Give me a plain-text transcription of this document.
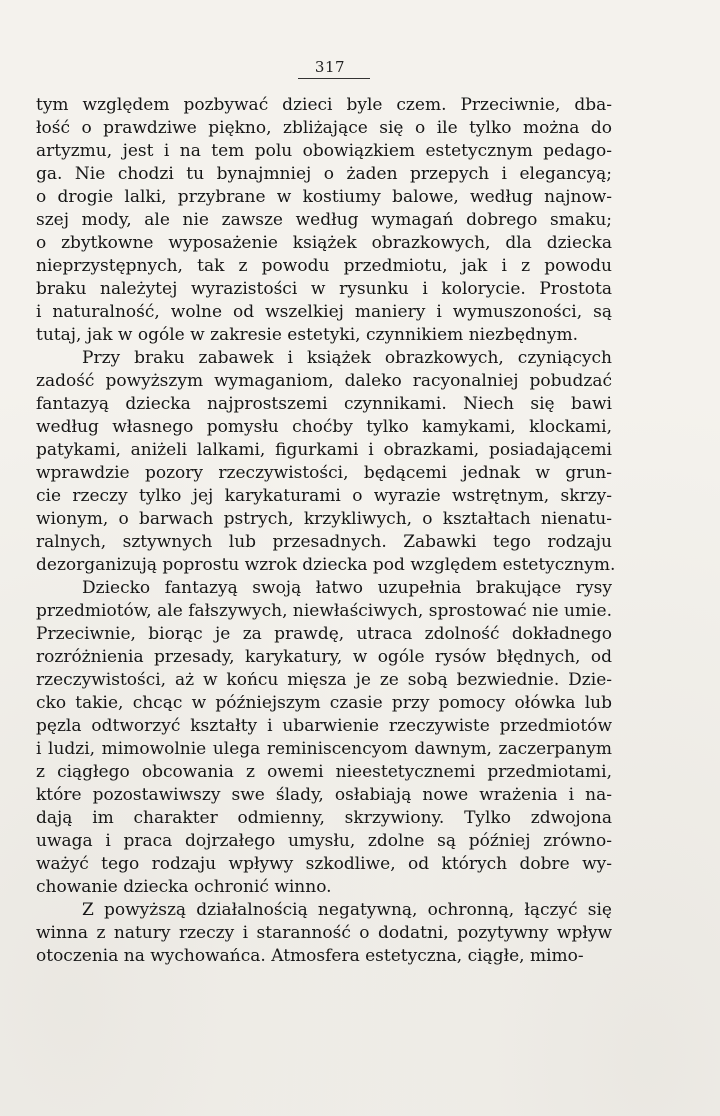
317
tym względem pozbywać dzieci byle czem. Przeciwnie, dba-
łość o prawdziwe piękno, zbliżające się o ile tylko można do
artyzmu, jest i na tem polu obowiązkiem estetycznym pedago-
ga. Nie chodzi tu bynajmniej o żaden przepych i elegancyą;
o drogie lalki, przybrane w kostiumy balowe, według najnow-
szej mody, ale nie zawsze według wymagań dobrego smaku;
o zbytkowne wyposażenie książek obrazkowych, dla dziecka
nieprzystępnych, tak z powodu przedmiotu, jak i z powodu
braku należytej wyrazistości w rysunku i kolorycie. Prostota
i naturalność, wolne od wszelkiej maniery i wymuszoności, są
tutaj, jak w ogóle w zakresie estetyki, czynnikiem niezbędnym.
Przy braku zabawek i książek obrazkowych, czyniących
zadość powyższym wymaganiom, daleko racyonalniej pobudzać
fantazyą dziecka najprostszemi czynnikami. Niech się bawi
według własnego pomysłu choćby tylko kamykami, klockami,
patykami, aniżeli lalkami, figurkami i obrazkami, posiadającemi
wprawdzie pozory rzeczywistości, będącemi jednak w grun-
cie rzeczy tylko jej karykaturami o wyrazie wstrętnym, skrzy-
wionym, o barwach pstrych, krzykliwych, o kształtach nienatu-
ralnych, sztywnych lub przesadnych. Zabawki tego rodzaju
dezorganizują poprostu wzrok dziecka pod względem estetycznym.
Dziecko fantazyą swoją łatwo uzupełnia brakujące rysy
przedmiotów, ale fałszywych, niewłaściwych, sprostować nie umie.
Przeciwnie, biorąc je za prawdę, utraca zdolność dokładnego
rozróżnienia przesady, karykatury, w ogóle rysów błędnych, od
rzeczywistości, aż w końcu mięsza je ze sobą bezwiednie. Dzie-
cko takie, chcąc w późniejszym czasie przy pomocy ołówka lub
pęzla odtworzyć kształty i ubarwienie rzeczywiste przedmiotów
i ludzi, mimowolnie ulega reminiscencyom dawnym, zaczerpanym
z ciągłego obcowania z owemi nieestetycznemi przedmiotami,
które pozostawiwszy swe ślady, osłabiają nowe wrażenia i na-
dają im charakter odmienny, skrzywiony. Tylko zdwojona
uwaga i praca dojrzałego umysłu, zdolne są później zrówno-
ważyć tego rodzaju wpływy szkodliwe, od których dobre wy-
chowanie dziecka ochronić winno.
Z powyższą działalnością negatywną, ochronną, łączyć się
winna z natury rzeczy i staranność o dodatni, pozytywny wpływ
otoczenia na wychowańca. Atmosfera estetyczna, ciągłe, mimo-
